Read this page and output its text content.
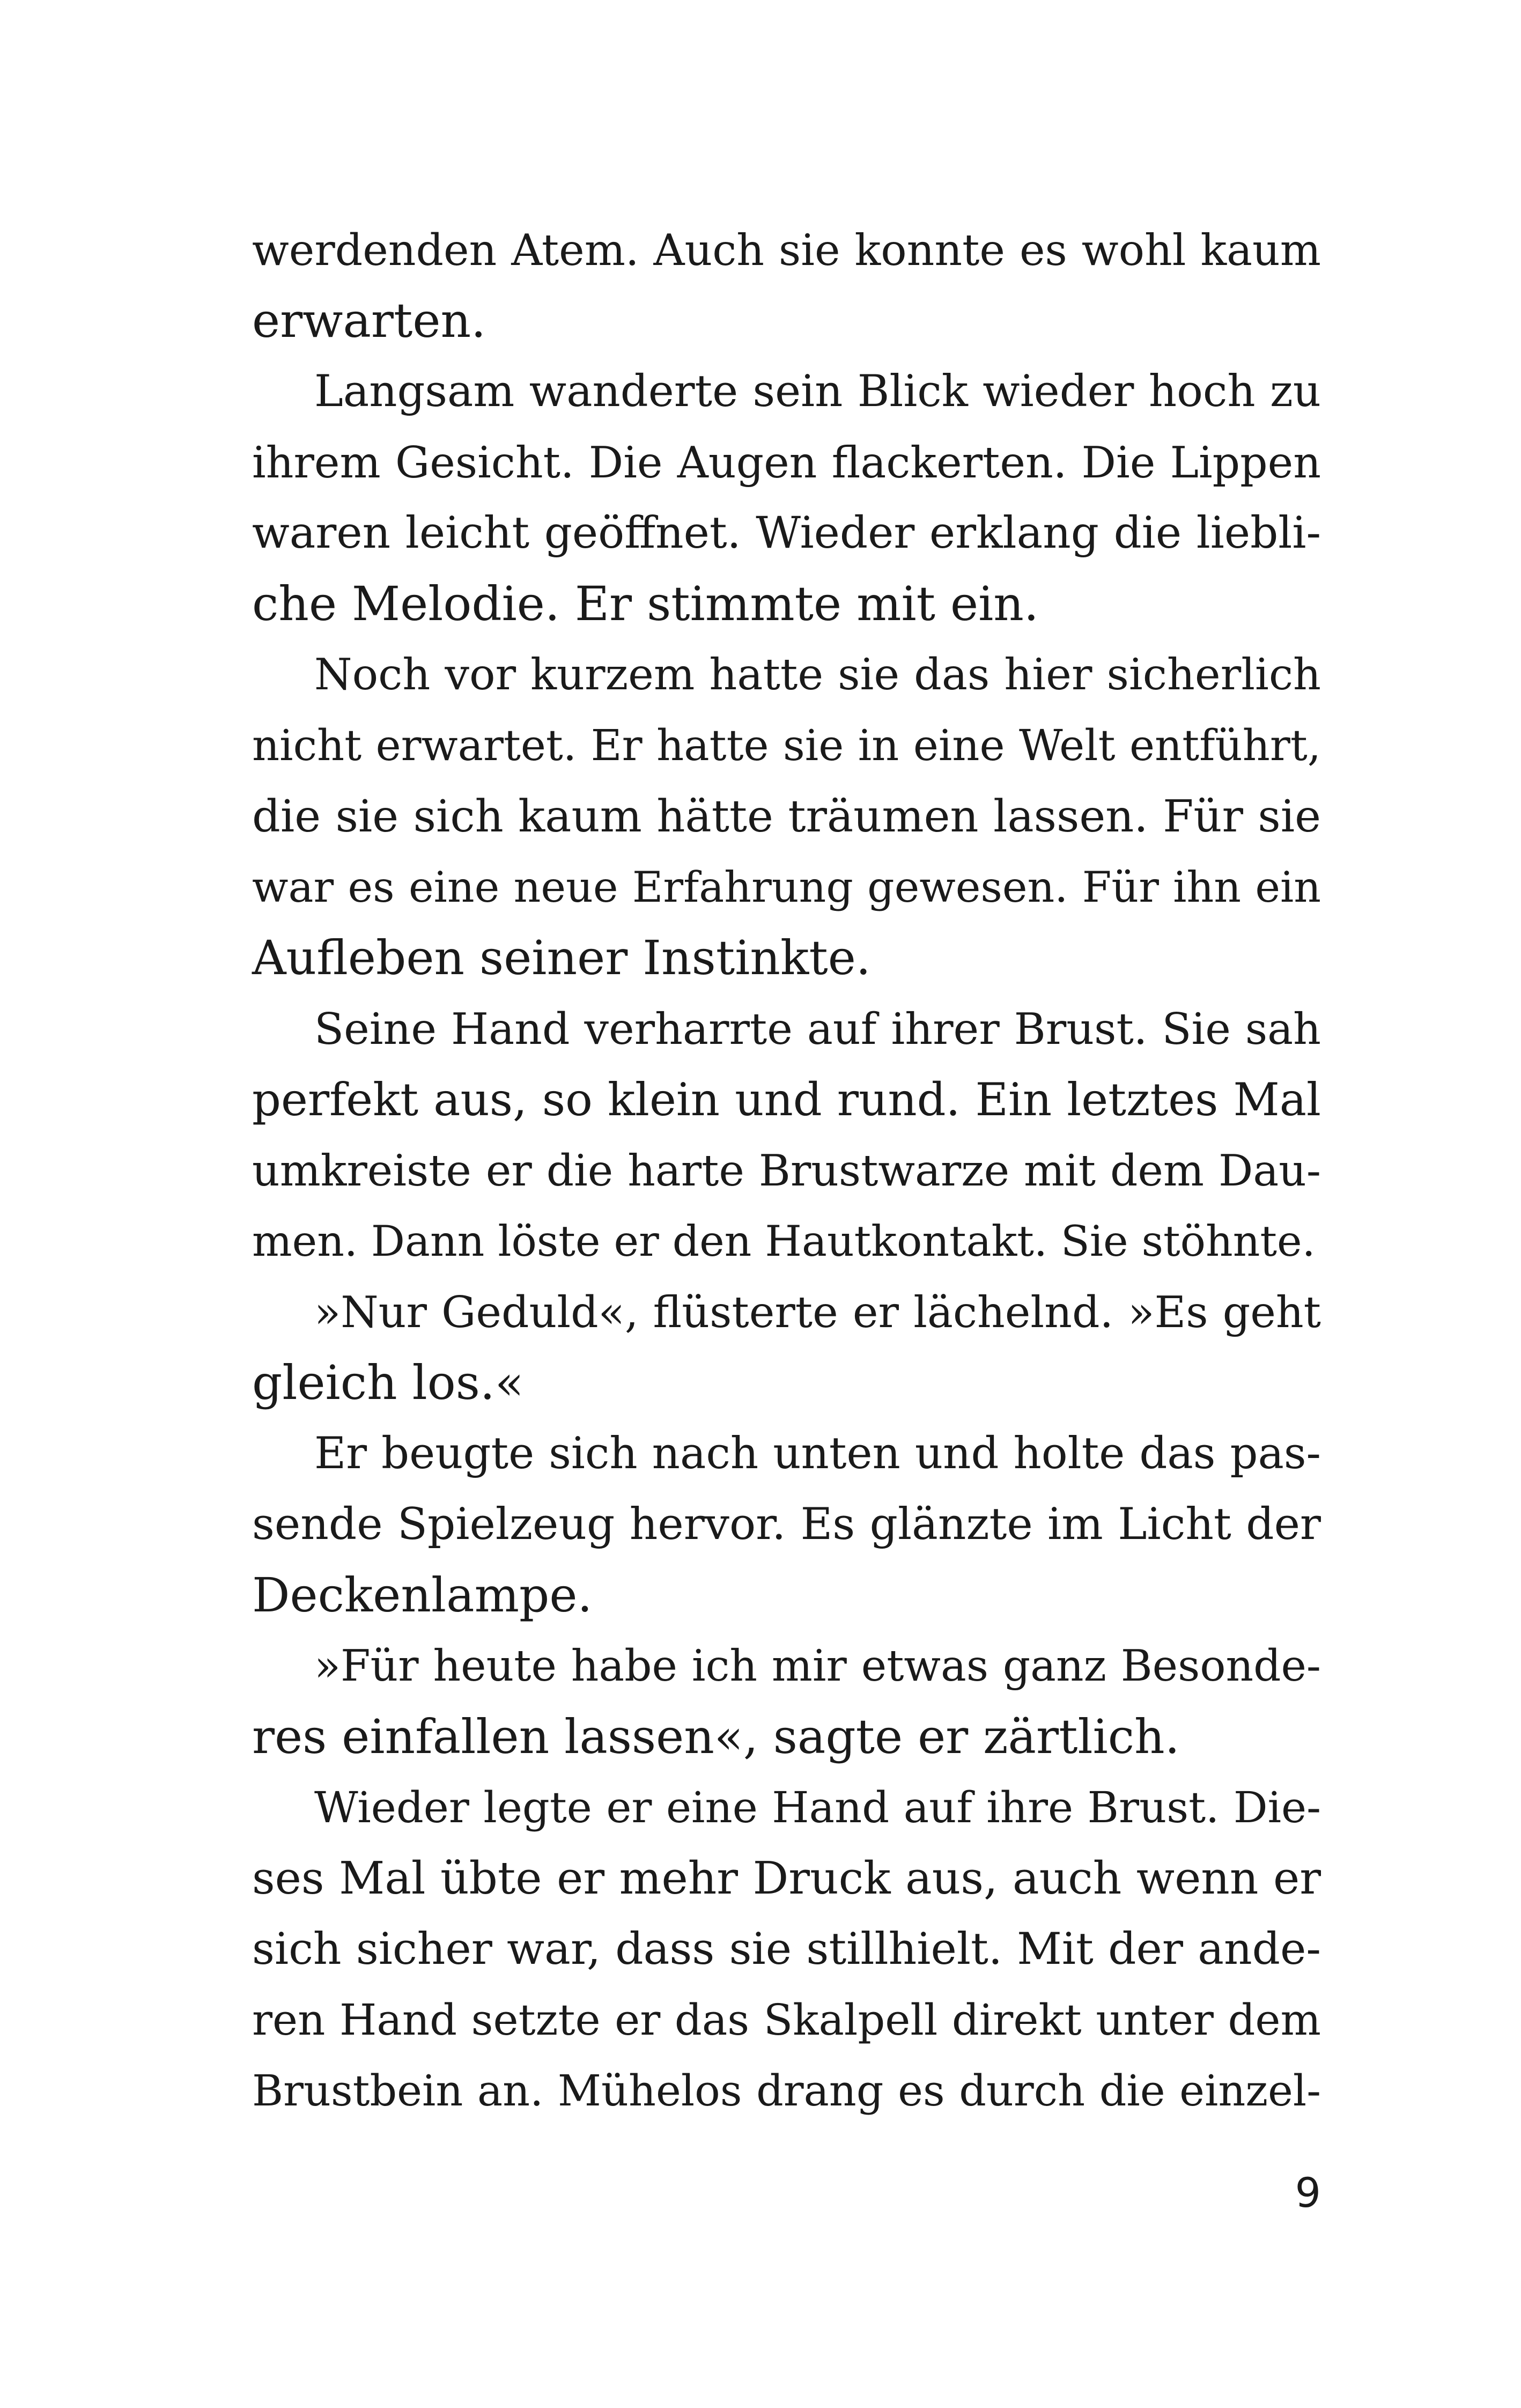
werdenden Atem. Auch sie konnte es wohl kaum
erwarten.
Langsam wanderte sein Blick wieder hoch zu
ihrem Gesicht. Die Augen flackerten. Die Lippen
waren leicht geöffnet. Wieder erklang die liebli-
che Melodie. Er stimmte mit ein.
Noch vor kurzem hatte sie das hier sicherlich
nicht erwartet. Er hatte sie in eine Welt entführt,
die sie sich kaum hätte träumen lassen. Für sie
war es eine neue Erfahrung gewesen. Für ihn ein
Aufleben seiner Instinkte.
Seine Hand verharrte auf ihrer Brust. Sie sah
perfekt aus, so klein und rund. Ein letztes Mal
umkreiste er die harte Brustwarze mit dem Dau-
men. Dann löste er den Hautkontakt. Sie stöhnte.
»Nur Geduld«, flüsterte er lächelnd. »Es geht
gleich los.«
Er beugte sich nach unten und holte das pas-
sende Spielzeug hervor. Es glänzte im Licht der
Deckenlampe.
»Für heute habe ich mir etwas ganz Besonde-
res einfallen lassen«, sagte er zärtlich.
Wieder legte er eine Hand auf ihre Brust. Die-
ses Mal übte er mehr Druck aus, auch wenn er
sich sicher war, dass sie stillhielt. Mit der ande-
ren Hand setzte er das Skalpell direkt unter dem
Brustbein an. Mühelos drang es durch die einzel-
9
